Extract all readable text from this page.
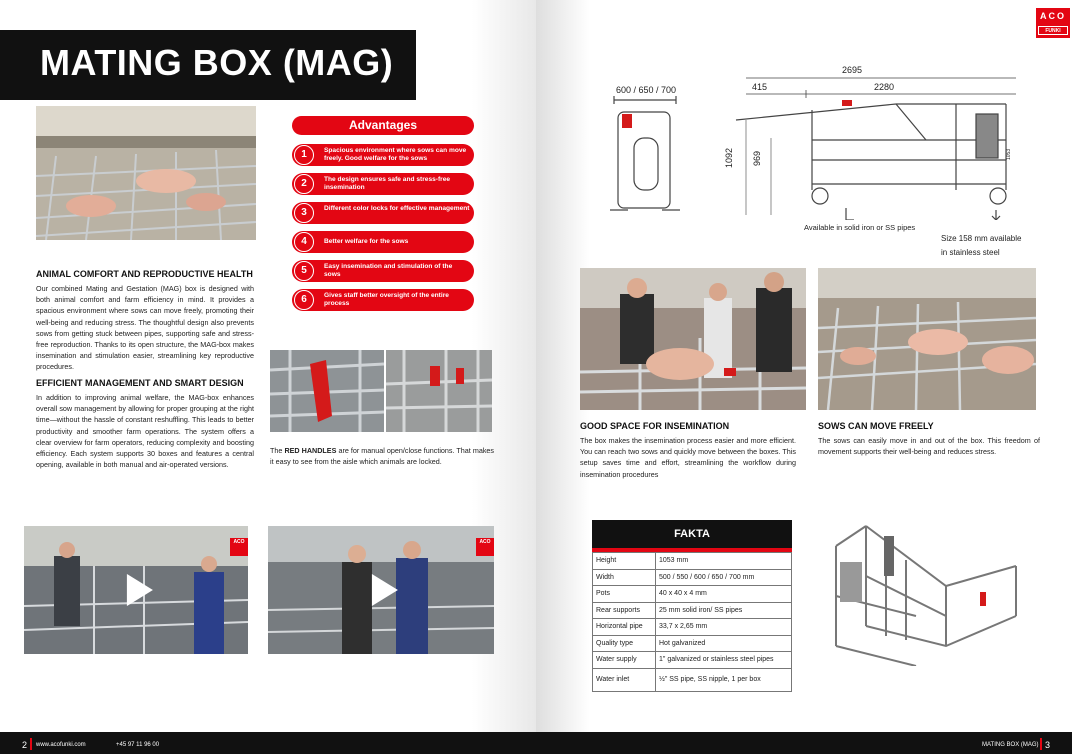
MATING BOX (MAG)
Advantages
1	Spacious environment where sows can move freely. Good welfare for the sows
2	The design ensures safe and stress-free insemination
3	Different color locks for effective management
4	Better welfare for the sows
5	Easy insemination and stimulation of the sows
6	Gives staff better oversight of the entire process
ANIMAL COMFORT AND REPRODUCTIVE HEALTH
Our combined Mating and Gestation (MAG) box is designed with both animal comfort and farm efficiency in mind. It provides a spacious environment where sows can move freely, promoting their well-being and reducing stress. The thoughtful design also prevents sows from getting stuck between pipes, supporting safe and stress-free reproduction. Thanks to its open structure, the MAG-box makes insemination and stimulation easier, streamlining key reproductive procedures.
EFFICIENT MANAGEMENT AND SMART DESIGN
In addition to improving animal welfare, the MAG-box enhances overall sow management by allowing for proper grouping at the right time—without the hassle of constant reshuffling. This leads to better productivity and smoother farm operations. The system offers a clear overview for farm operators, reducing complexity and boosting efficiency. Each system supports 30 boxes and features a central opening, available in both manual and air-operated versions.
The RED HANDLES are for manual open/close functions. That makes it easy to see from the aisle which animals are locked.
ACO	ACO
ACO
FUNKI
600 / 650 / 700
2695
415	2280
1092 969	1053
Available in solid iron or SS pipes
Size 158 mm available
in stainless steel
GOOD SPACE FOR INSEMINATION
The box makes the insemination process easier and more efficient. You can reach two sows and quickly move between the boxes. This setup saves time and effort, streamlining the workflow during insemination procedures
SOWS CAN MOVE FREELY
The sows can easily move in and out of the box. This freedom of movement supports their well-being and reduces stress.
FAKTA
Height	1053 mm
Width	500 / 550 / 600 / 650 / 700 mm
Pots	40 x 40 x 4 mm
Rear supports	25 mm solid iron/ SS pipes
Horizontal pipe	33,7 x 2,65 mm
Quality type	Hot galvanized
Water supply	1" galvanized or stainless steel pipes
Water inlet	½" SS pipe, SS nipple, 1 per box
2 www.acofunki.com	+45 97 11 96 00	MATING BOX (MAG) 3
